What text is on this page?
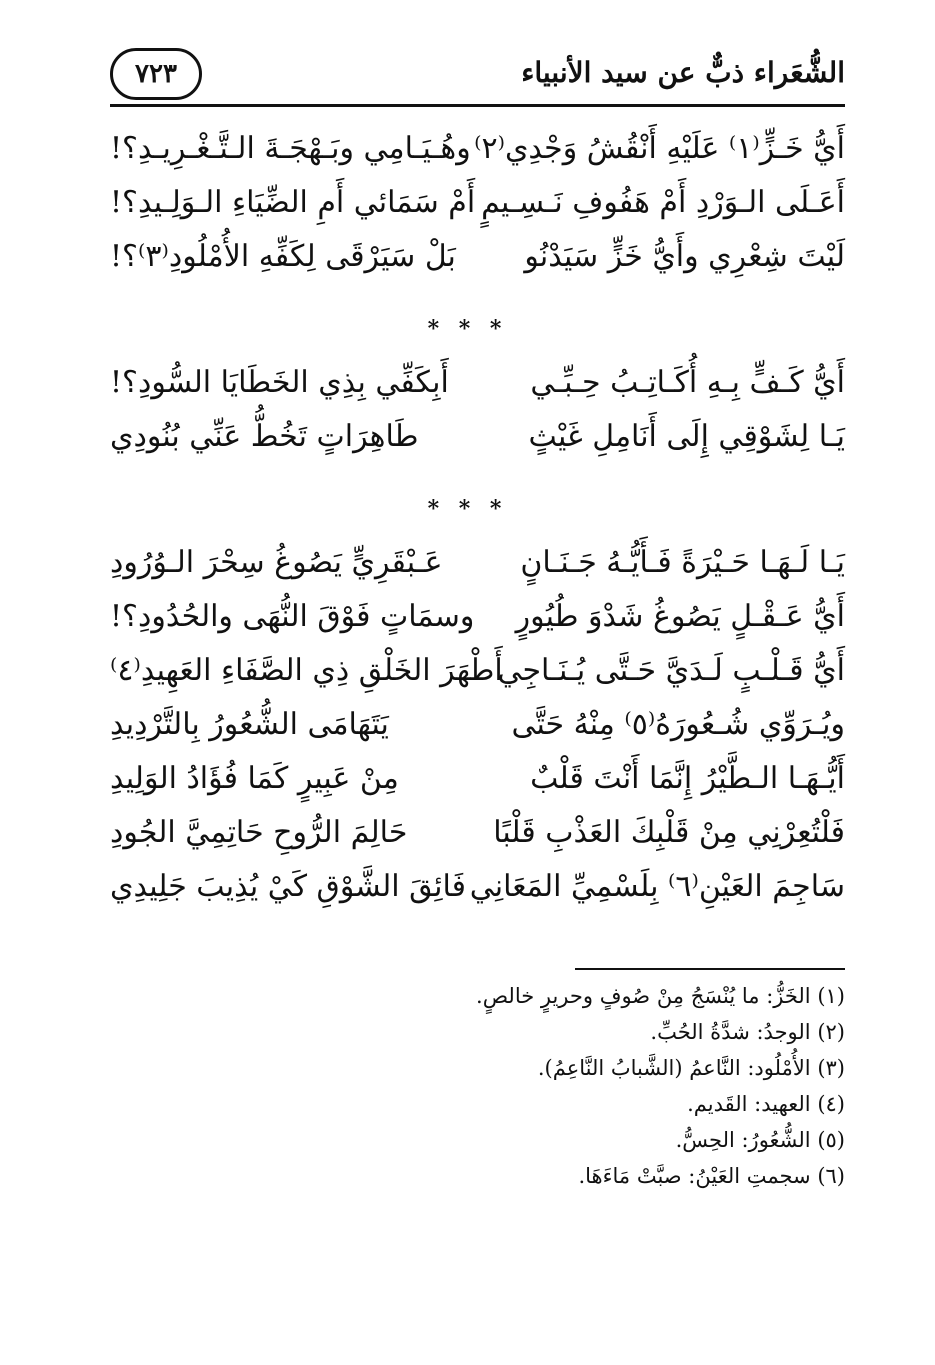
الشُّعَراء ذبٌّ عن سيد الأنبياء
٧٢٣
أَيُّ خَـزٍّ⁽١⁾ عَلَيْهِ أَنْقُشُ وَجْدِي⁽٢⁾
وهُـيَـامِي وبَـهْجَـةَ الـتَّـغْـرِيـدِ؟!
أَعَـلَى الـوَرْدِ أَمْ هَفُوفِ نَـسِـيمٍ
أَمْ سَمَائي أَمِ الضِّيَاءِ الـوَلِـيدِ؟!
لَيْتَ شِعْرِي وأَيُّ خَزٍّ سَيَدْنُو
بَلْ سَيَرْقَى لِكَفِّهِ الأُمْلُودِ⁽٣⁾؟!
* * *
أَيُّ كَـفٍّ بِـهِ أُكَـاتِـبُ حِـبِّـي
أَبِكَفِّي بِذِي الخَطَايَا السُّودِ؟!
يَـا لِشَوْقِي إِلَى أَنَامِلِ غَيْثٍ
طَاهِرَاتٍ تَخُطُّ عَنِّي بُنُودِي
* * *
يَـا لَـهَـا حَـيْرَةً فَـأَيُّـهُ جَـنَـانٍ
عَـبْقَرِيٍّ يَصُوغُ سِحْرَ الـوُرُودِ
أَيُّ عَـقْـلٍ يَصُوغُ شَدْوَ طُيُورٍ
وسمَاتٍ فَوْقَ النُّهَى والحُدُودِ؟!
أَيُّ قَـلْـبٍ لَـدَيَّ حَـتَّى يُـنَـاجِي
أَطْهَرَ الخَلْقِ ذِي الصَّفَاءِ العَهِيدِ⁽٤⁾
ويُـرَوِّي شُـعُورَهُ⁽٥⁾ مِنْهُ حَتَّى
يَتَهَامَى الشُّعُورُ بِالتَّرْدِيدِ
أَيُّـهَـا الـطَّيْرُ إِنَّمَا أَنْتَ قَلْبٌ
مِنْ عَبِيرٍ كَمَا فُؤَادُ الوَلِيدِ
فَلْتُعِرْنِي مِنْ قَلْبِكَ العَذْبِ قَلْبًا
حَالِمَ الرُّوحِ حَاتِمِيَّ الجُودِ
سَاجِمَ العَيْنِ⁽٦⁾ بِلَسْمِيِّ المَعَانِي
فَائِقَ الشَّوْقِ كَيْ يُذِيبَ جَلِيدِي
(١) الخَزُّ: ما يُنْسَجُ مِنْ صُوفٍ وحريرٍ خالصٍ.
(٢) الوجدُ: شدَّةُ الحُبِّ.
(٣) الأُمْلُود: النَّاعمُ (الشَّبابُ النَّاعِمُ).
(٤) العهيد: القَديم.
(٥) الشُّعُورُ: الحِسُّ.
(٦) سجمتِ العَيْنُ: صبَّتْ مَاءَهَا.
